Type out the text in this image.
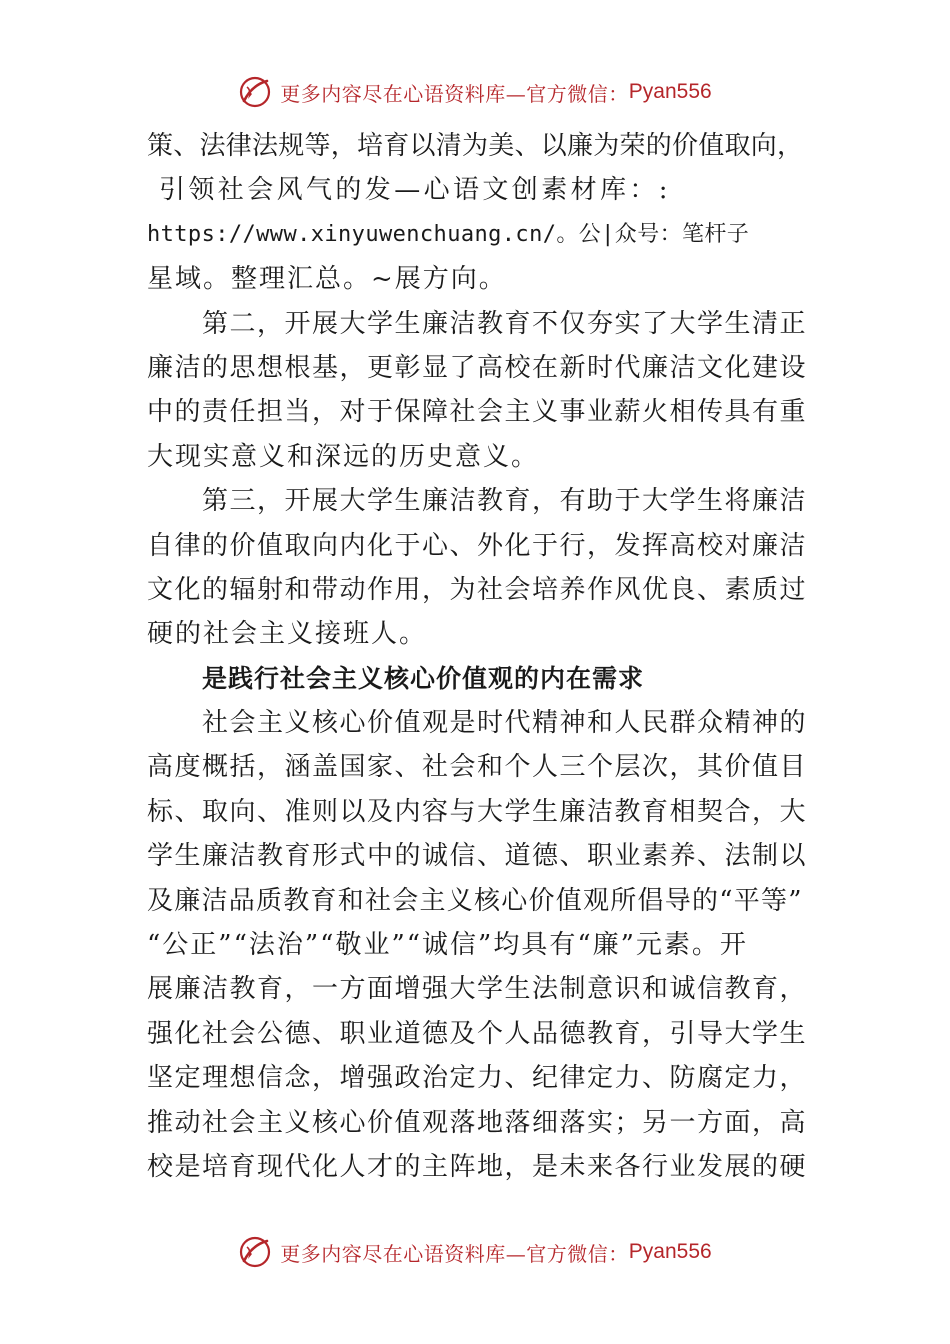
更多内容尽在心语资料库—官方微信： Pyan556
策、法律法规等，培育以清为美、以廉为荣的价值取向，
引领社会风气的发—心语文创素材库：:
https://www.xinyuwenchuang.cn/。公|众号：笔杆子
星域。整理汇总。~展方向。
第二，开展大学生廉洁教育不仅夯实了大学生清正
廉洁的思想根基，更彰显了高校在新时代廉洁文化建设
中的责任担当，对于保障社会主义事业薪火相传具有重
大现实意义和深远的历史意义。
第三，开展大学生廉洁教育，有助于大学生将廉洁
自律的价值取向内化于心、外化于行，发挥高校对廉洁
文化的辐射和带动作用，为社会培养作风优良、素质过
硬的社会主义接班人。
是践行社会主义核心价值观的内在需求
社会主义核心价值观是时代精神和人民群众精神的
高度概括，涵盖国家、社会和个人三个层次，其价值目
标、取向、准则以及内容与大学生廉洁教育相契合，大
学生廉洁教育形式中的诚信、道德、职业素养、法制以
及廉洁品质教育和社会主义核心价值观所倡导的“平等”
“公正”“法治”“敬业”“诚信”均具有“廉”元素。开
展廉洁教育，一方面增强大学生法制意识和诚信教育，
强化社会公德、职业道德及个人品德教育，引导大学生
坚定理想信念，增强政治定力、纪律定力、防腐定力，
推动社会主义核心价值观落地落细落实；另一方面，高
校是培育现代化人才的主阵地，是未来各行业发展的硬
更多内容尽在心语资料库—官方微信： Pyan556
